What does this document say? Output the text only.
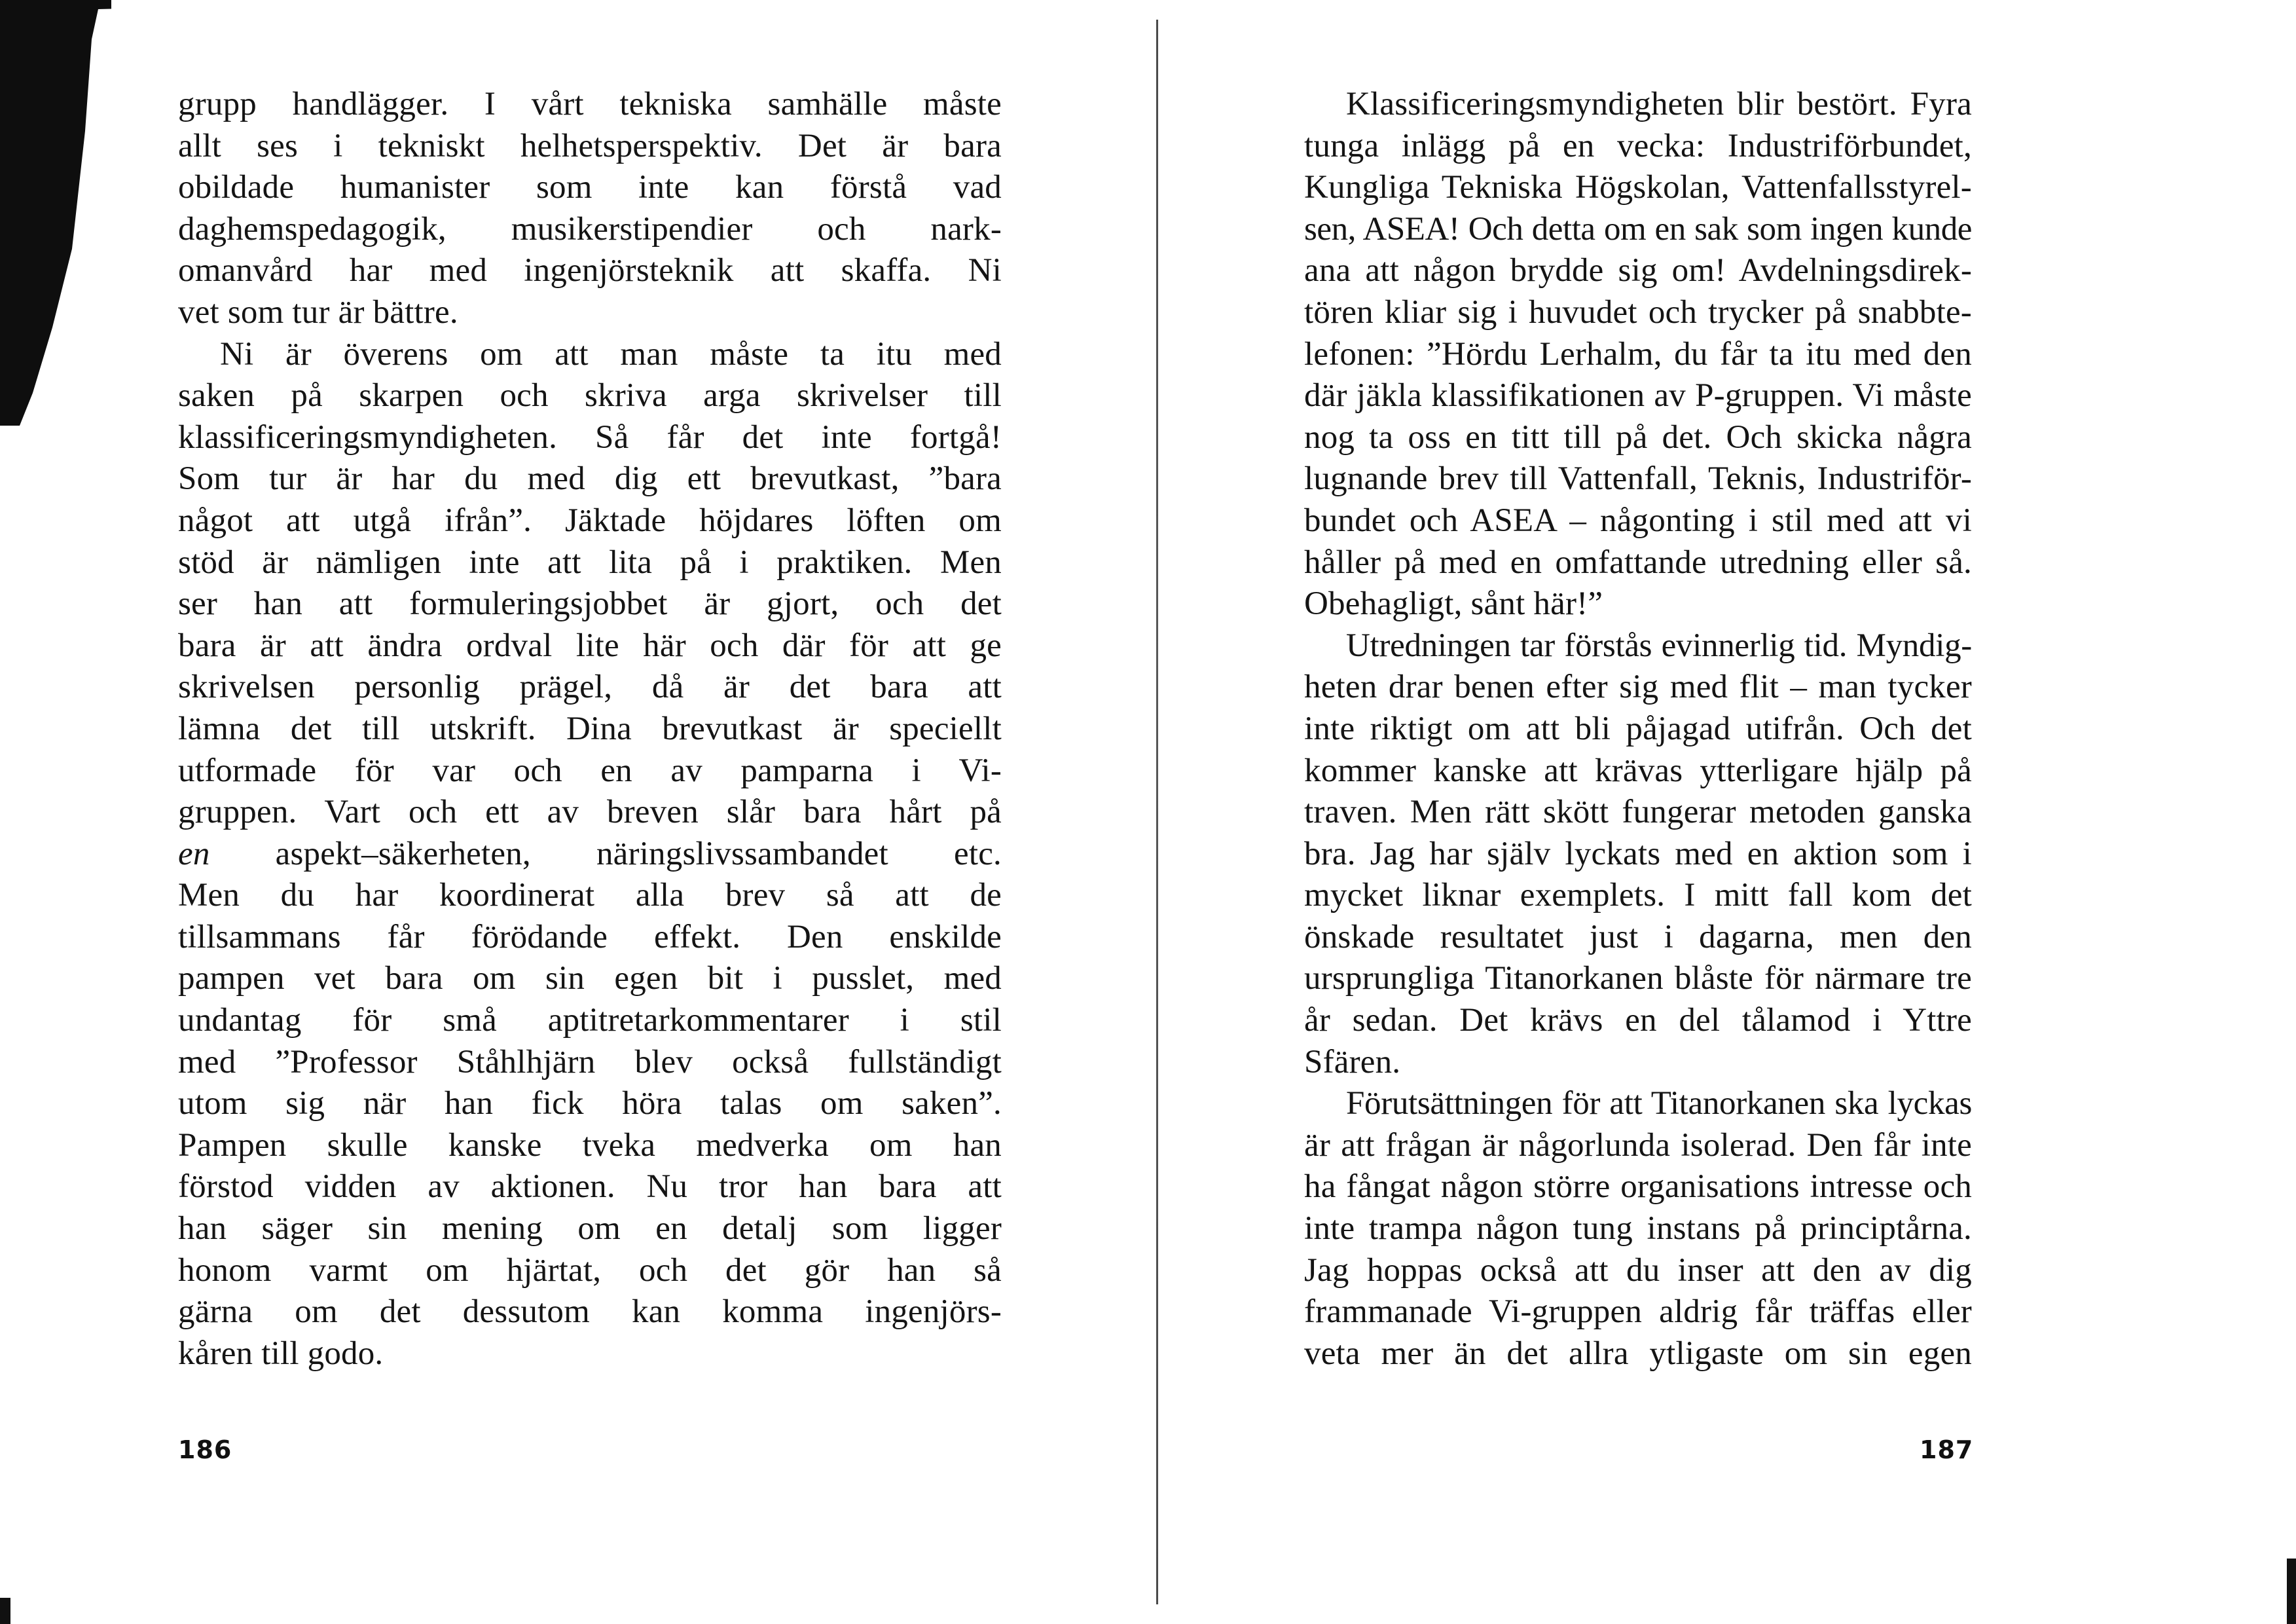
grupp handlägger. I vårt tekniska samhälle måste
allt ses i tekniskt helhetsperspektiv. Det är bara
obildade humanister som inte kan förstå vad
daghemspedagogik, musikerstipendier och nark-
omanvård har med ingenjörsteknik att skaffa. Ni
vet som tur är bättre.
Ni är överens om att man måste ta itu med
saken på skarpen och skriva arga skrivelser till
klassificeringsmyndigheten. Så får det inte fortgå!
Som tur är har du med dig ett brevutkast, ”bara
något att utgå ifrån”. Jäktade höjdares löften om
stöd är nämligen inte att lita på i praktiken. Men
ser han att formuleringsjobbet är gjort, och det
bara är att ändra ordval lite här och där för att ge
skrivelsen personlig prägel, då är det bara att
lämna det till utskrift. Dina brevutkast är speciellt
utformade för var och en av pamparna i Vi-
gruppen. Vart och ett av breven slår bara hårt på
en aspekt–säkerheten, näringslivssambandet etc.
Men du har koordinerat alla brev så att de
tillsammans får förödande effekt. Den enskilde
pampen vet bara om sin egen bit i pusslet, med
undantag för små aptitretarkommentarer i stil
med ”Professor Ståhlhjärn blev också fullständigt
utom sig när han fick höra talas om saken”.
Pampen skulle kanske tveka medverka om han
förstod vidden av aktionen. Nu tror han bara att
han säger sin mening om en detalj som ligger
honom varmt om hjärtat, och det gör han så
gärna om det dessutom kan komma ingenjörs-
kåren till godo.
186
Klassificeringsmyndigheten blir bestört. Fyra
tunga inlägg på en vecka: Industriförbundet,
Kungliga Tekniska Högskolan, Vattenfallsstyrel-
sen, ASEA! Och detta om en sak som ingen kunde
ana att någon brydde sig om! Avdelningsdirek-
tören kliar sig i huvudet och trycker på snabbte-
lefonen: ”Hördu Lerhalm, du får ta itu med den
där jäkla klassifikationen av P-gruppen. Vi måste
nog ta oss en titt till på det. Och skicka några
lugnande brev till Vattenfall, Teknis, Industriför-
bundet och ASEA – någonting i stil med att vi
håller på med en omfattande utredning eller så.
Obehagligt, sånt här!”
Utredningen tar förstås evinnerlig tid. Myndig-
heten drar benen efter sig med flit – man tycker
inte riktigt om att bli påjagad utifrån. Och det
kommer kanske att krävas ytterligare hjälp på
traven. Men rätt skött fungerar metoden ganska
bra. Jag har själv lyckats med en aktion som i
mycket liknar exemplets. I mitt fall kom det
önskade resultatet just i dagarna, men den
ursprungliga Titanorkanen blåste för närmare tre
år sedan. Det krävs en del tålamod i Yttre
Sfären.
Förutsättningen för att Titanorkanen ska lyckas
är att frågan är någorlunda isolerad. Den får inte
ha fångat någon större organisations intresse och
inte trampa någon tung instans på principtårna.
Jag hoppas också att du inser att den av dig
frammanade Vi-gruppen aldrig får träffas eller
veta mer än det allra ytligaste om sin egen
187
